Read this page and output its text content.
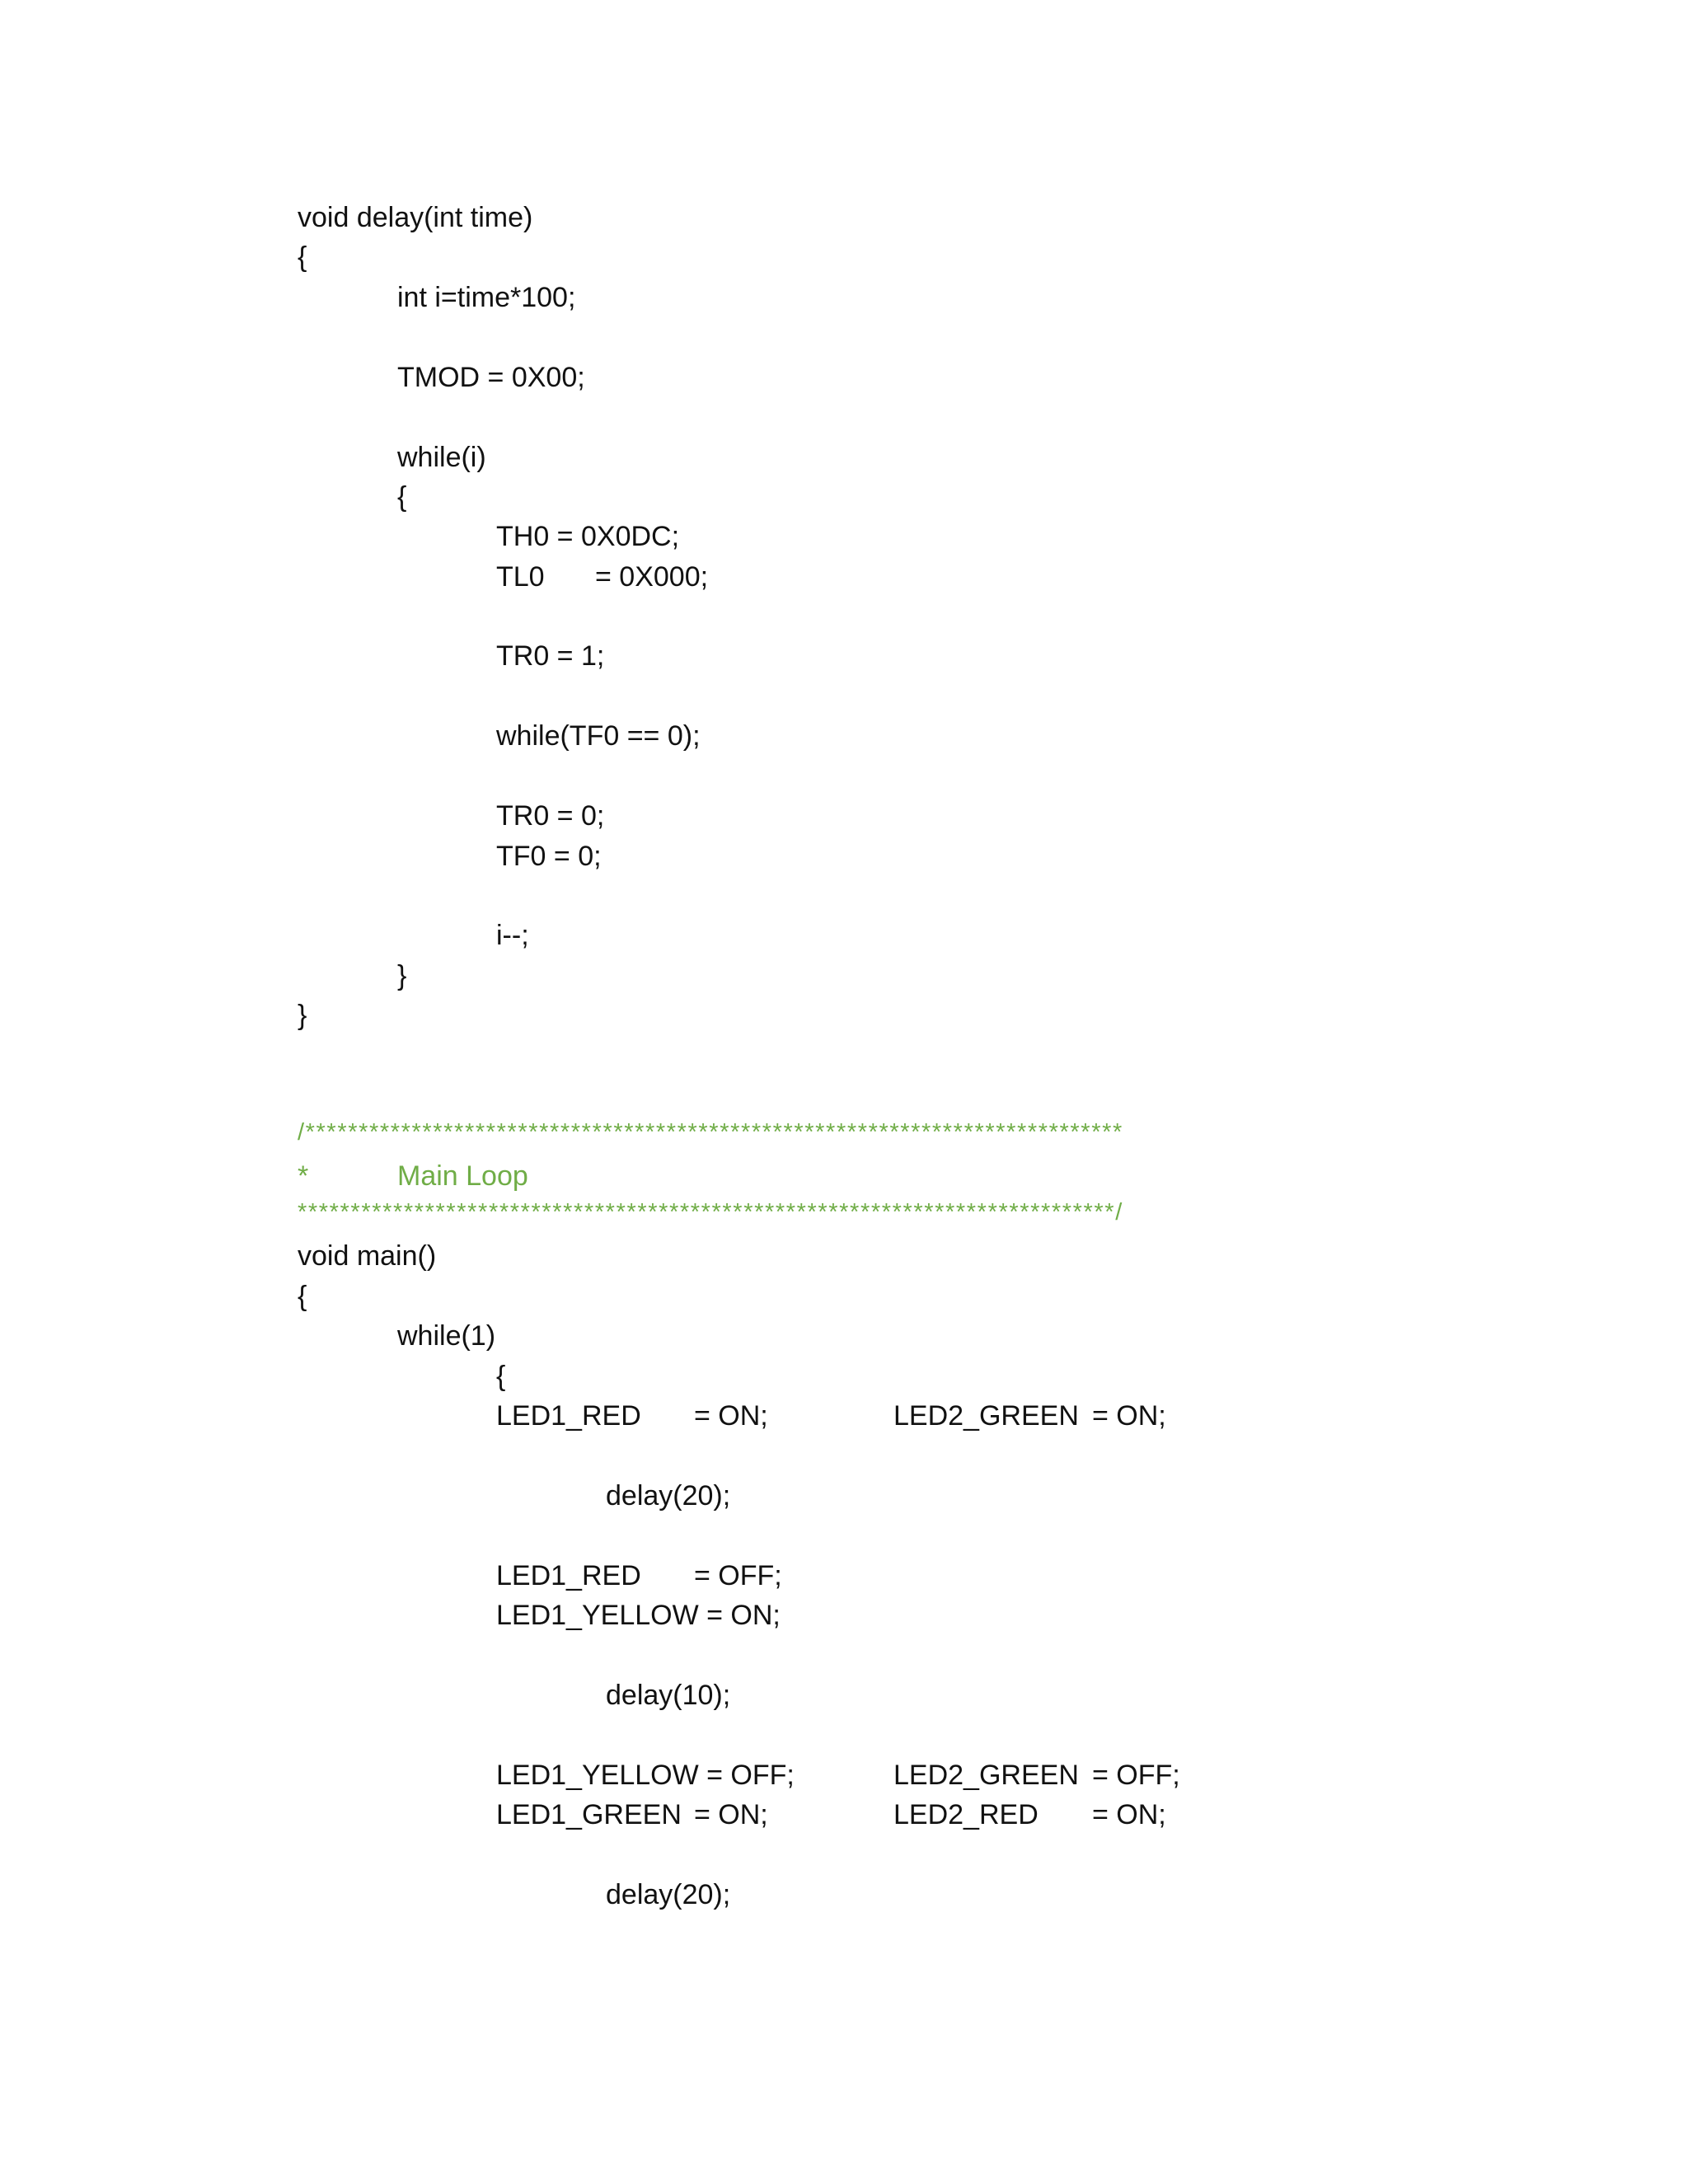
void delay(int time)
{
int i=time*100;
TMOD = 0X00;
while(i)
{
TH0 = 0X0DC;
TL0 = 0X000;
TR0 = 1;
while(TF0 == 0);
TR0 = 0;
TF0 = 0;
i--;
}
}
/*****************************************************************************
*	Main Loop
*****************************************************************************/
void main()
{
while(1)
{
LED1_RED = ON;	LED2_GREEN = ON;
delay(20);
LED1_RED = OFF;
LED1_YELLOW = ON;
delay(10);
LED1_YELLOW = OFF;	LED2_GREEN = OFF;
LED1_GREEN = ON;	LED2_RED = ON;
delay(20);
